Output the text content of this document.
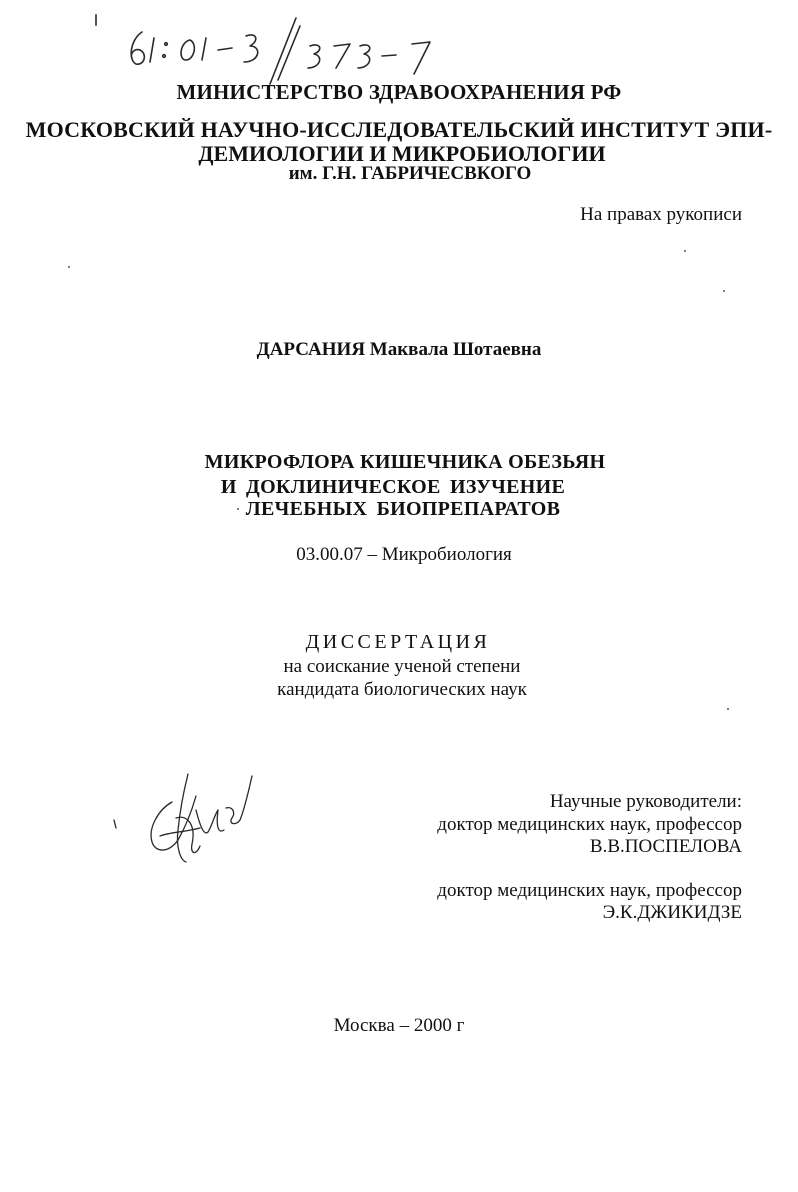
МИНИСТЕРСТВО ЗДРАВООХРАНЕНИЯ РФ
МОСКОВСКИЙ НАУЧНО-ИССЛЕДОВАТЕЛЬСКИЙ ИНСТИТУТ ЭПИ-
ДЕМИОЛОГИИ И МИКРОБИОЛОГИИ
им. Г.Н. ГАБРИЧЕСВКОГО
На правах рукописи
ДАРСАНИЯ Маквала Шотаевна
МИКРОФЛОРА КИШЕЧНИКА ОБЕЗЬЯН
И ДОКЛИНИЧЕСКОЕ ИЗУЧЕНИЕ
ЛЕЧЕБНЫХ БИОПРЕПАРАТОВ
03.00.07 – Микробиология
ДИССЕРТАЦИЯ
на соискание ученой степени
кандидата биологических наук
Научные руководители:
доктор медицинских наук, профессор
В.В.ПОСПЕЛОВА
доктор медицинских наук, профессор
Э.К.ДЖИКИДЗЕ
Москва – 2000 г
